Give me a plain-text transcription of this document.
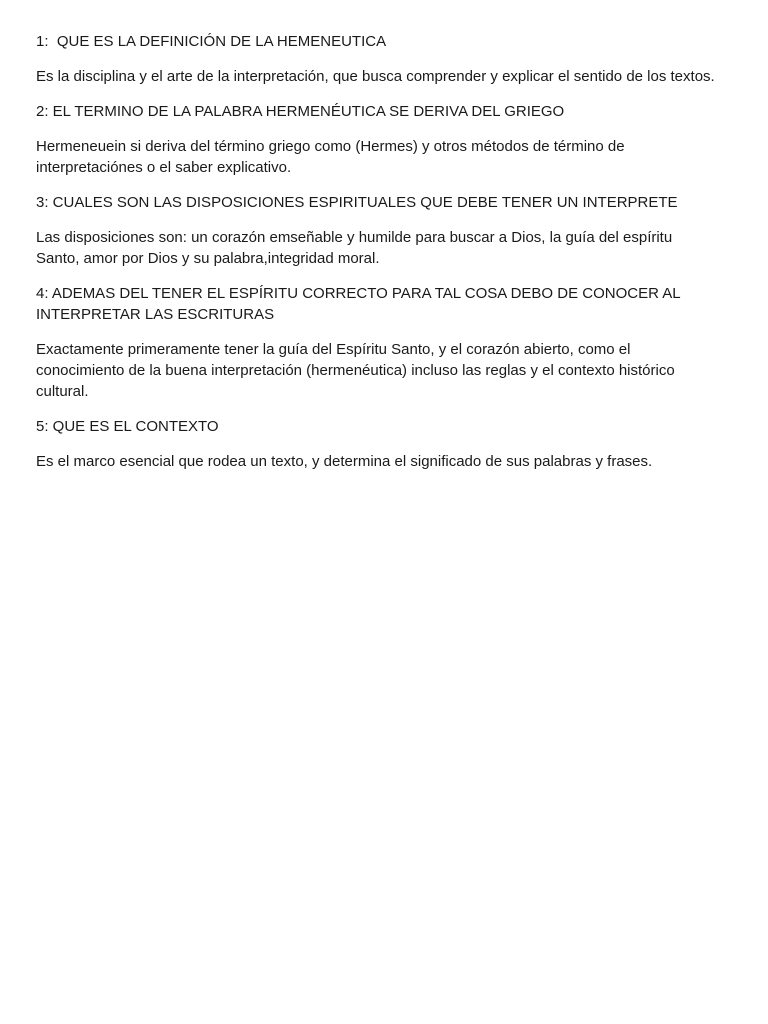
1:  QUE ES LA DEFINICIÓN DE LA HEMENEUTICA

Es la disciplina y el arte de la interpretación, que busca comprender y explicar el sentido de los textos.

2: EL TERMINO DE LA PALABRA HERMENÉUTICA SE DERIVA DEL GRIEGO

Hermeneuein si deriva del término griego como (Hermes) y otros métodos de término de interpretaciónes o el saber explicativo.

3: CUALES SON LAS DISPOSICIONES ESPIRITUALES QUE DEBE TENER UN INTERPRETE

Las disposiciones son: un corazón emseñable y humilde para buscar a Dios, la guía del espíritu Santo, amor por Dios y su palabra,integridad moral.

4: ADEMAS DEL TENER EL ESPÍRITU CORRECTO PARA TAL COSA DEBO DE CONOCER AL INTERPRETAR LAS ESCRITURAS

Exactamente primeramente tener la guía del Espíritu Santo, y el corazón abierto, como el conocimiento de la buena interpretación (hermenéutica) incluso las reglas y el contexto histórico cultural.

5: QUE ES EL CONTEXTO

Es el marco esencial que rodea un texto, y determina el significado de sus palabras y frases.
